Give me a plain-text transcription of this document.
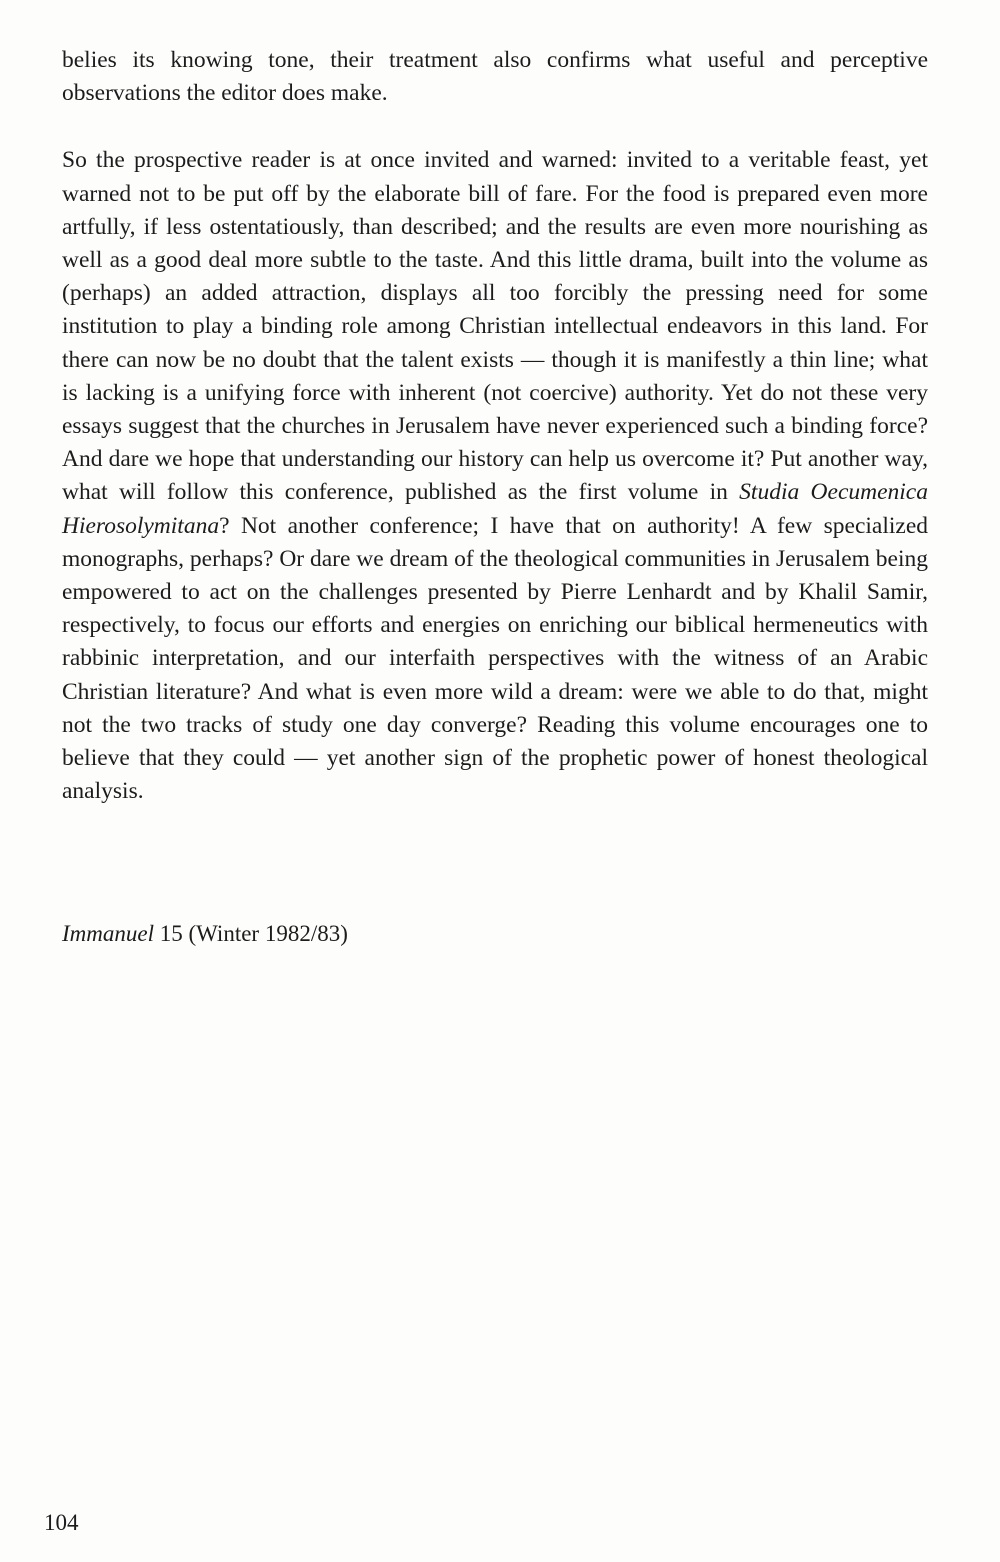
belies its knowing tone, their treatment also confirms what useful and perceptive observations the editor does make.

So the prospective reader is at once invited and warned: invited to a veritable feast, yet warned not to be put off by the elaborate bill of fare. For the food is prepared even more artfully, if less ostentatiously, than described; and the results are even more nourishing as well as a good deal more subtle to the taste. And this little drama, built into the volume as (perhaps) an added attraction, displays all too forcibly the pressing need for some institution to play a binding role among Christian intellectual endeavors in this land. For there can now be no doubt that the talent exists — though it is manifestly a thin line; what is lacking is a unifying force with inherent (not coercive) authority. Yet do not these very essays suggest that the churches in Jerusalem have never experienced such a binding force? And dare we hope that understanding our history can help us overcome it? Put another way, what will follow this conference, published as the first volume in Studia Oecumenica Hierosolymitana? Not another conference; I have that on authority! A few specialized monographs, perhaps? Or dare we dream of the theological communities in Jerusalem being empowered to act on the challenges presented by Pierre Lenhardt and by Khalil Samir, respectively, to focus our efforts and energies on enriching our biblical hermeneutics with rabbinic interpretation, and our interfaith perspectives with the witness of an Arabic Christian literature? And what is even more wild a dream: were we able to do that, might not the two tracks of study one day converge? Reading this volume encourages one to believe that they could — yet another sign of the prophetic power of honest theological analysis.

Immanuel 15 (Winter 1982/83)
104
